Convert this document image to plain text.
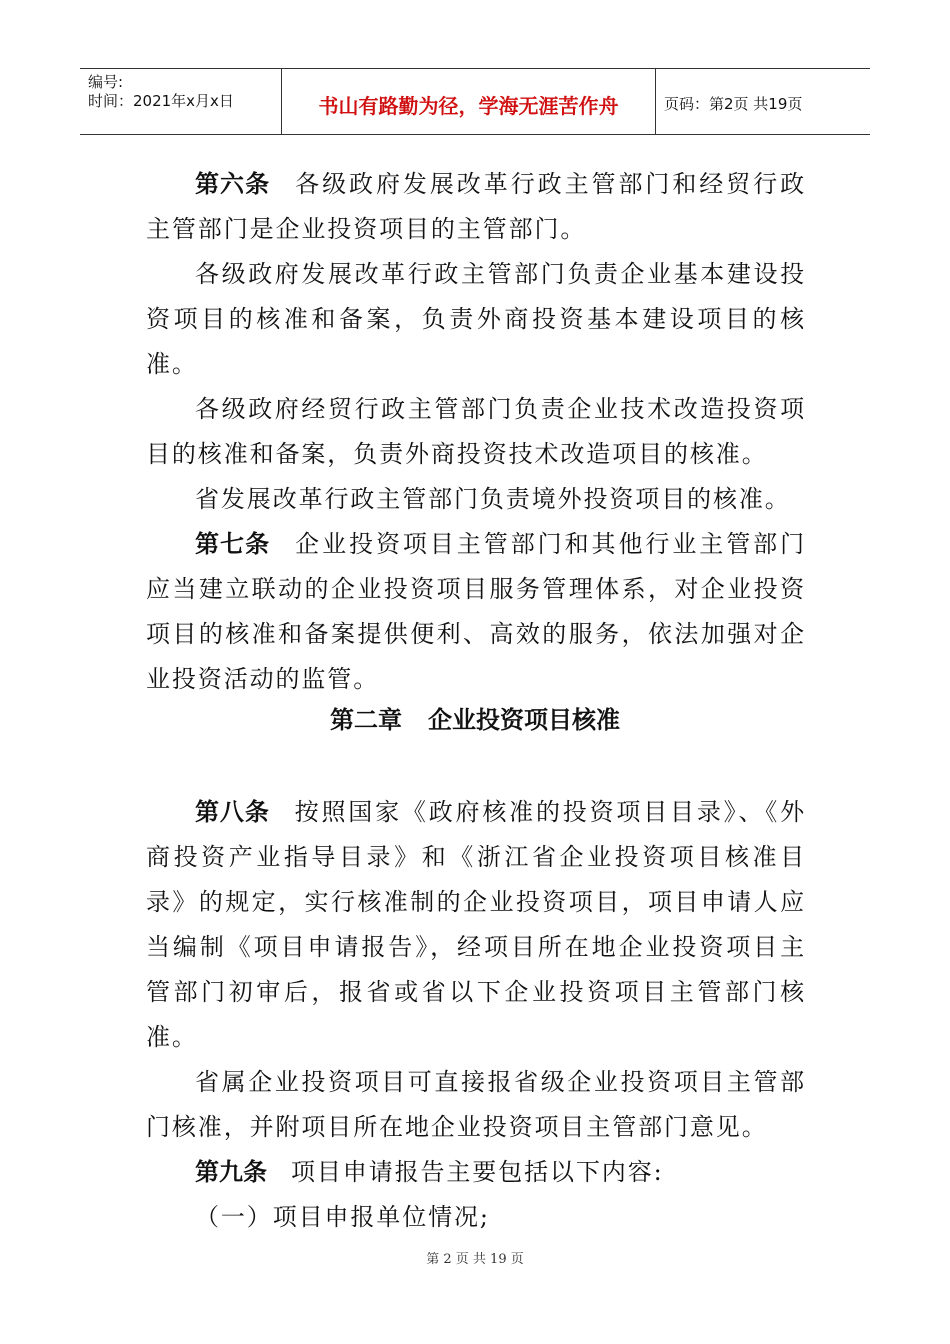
编号:
时间：2021年x月x日	书山有路勤为径，学海无涯苦作舟	页码：第2页 共19页

第六条 各级政府发展改革行政主管部门和经贸行政主管部门是企业投资项目的主管部门。

各级政府发展改革行政主管部门负责企业基本建设投资项目的核准和备案，负责外商投资基本建设项目的核准。

各级政府经贸行政主管部门负责企业技术改造投资项目的核准和备案，负责外商投资技术改造项目的核准。

省发展改革行政主管部门负责境外投资项目的核准。

第七条 企业投资项目主管部门和其他行业主管部门应当建立联动的企业投资项目服务管理体系，对企业投资项目的核准和备案提供便利、高效的服务，依法加强对企业投资活动的监管。

第二章 企业投资项目核准

第八条 按照国家《政府核准的投资项目目录》、《外商投资产业指导目录》和《浙江省企业投资项目核准目录》的规定，实行核准制的企业投资项目，项目申请人应当编制《项目申请报告》，经项目所在地企业投资项目主管部门初审后，报省或省以下企业投资项目主管部门核准。

省属企业投资项目可直接报省级企业投资项目主管部门核准，并附项目所在地企业投资项目主管部门意见。

第九条 项目申请报告主要包括以下内容:

（一）项目申报单位情况;

第 2 页 共 19 页
